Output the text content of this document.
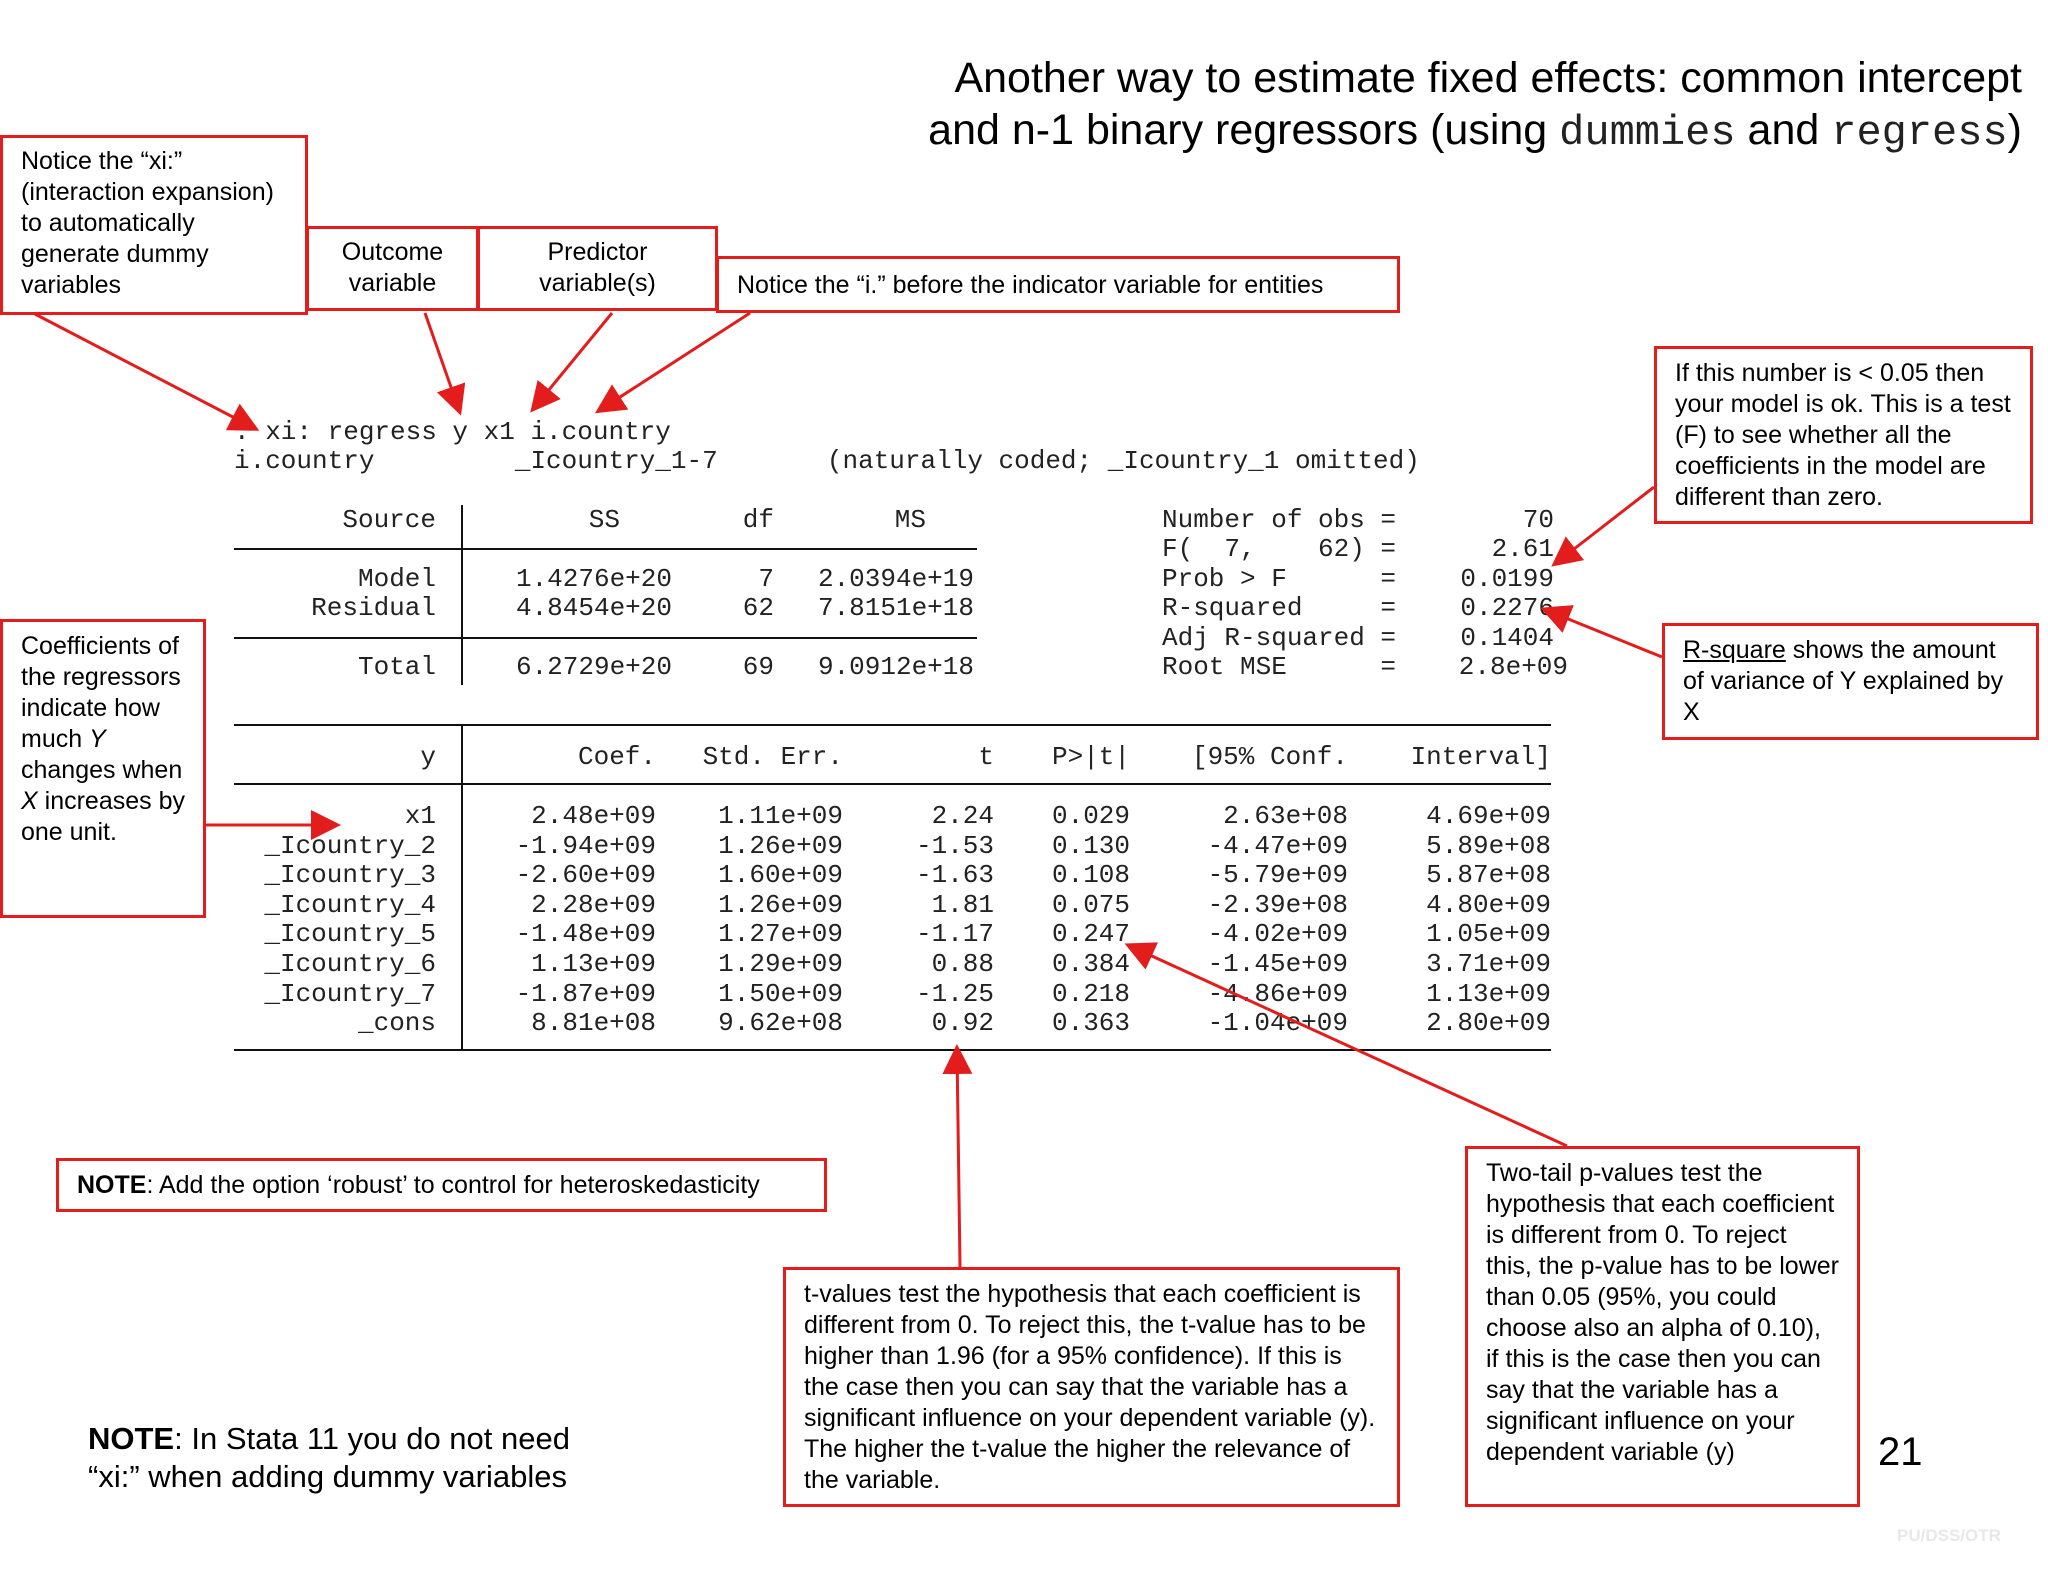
Another way to estimate fixed effects: common intercept
and n-1 binary regressors (using dummies and regress)
Notice the “xi:” (interaction expansion) to automatically generate dummy variables
Outcome variable
Predictor variable(s)	Notice the “i.” before the indicator variable for entities
If this number is < 0.05 then your model is ok. This is a test (F) to see whether all the coefficients in the model are different than zero.
R-square shows the amount of variance of Y explained by X
Coefficients of the regressors indicate how much Y changes when X increases by one unit.
NOTE: Add the option ‘robust’ to control for heteroskedasticity
t-values test the hypothesis that each coefficient is different from 0. To reject this, the t-value has to be higher than 1.96 (for a 95% confidence). If this is the case then you can say that the variable has a significant influence on your dependent variable (y). The higher the t-value the higher the relevance of the variable.
Two-tail p-values test the hypothesis that each coefficient is different from 0. To reject this, the p-value has to be lower than 0.05 (95%, you could choose also an alpha of 0.10), if this is the case then you can say that the variable has a significant influence on your dependent variable (y)
. xi: regress y x1 i.country
i.country         _Icountry_1-7       (naturally coded; _Icountry_1 omitted)
Source	SS	df	MS
Model	1.4276e+20	7	2.0394e+19
Residual	4.8454e+20	62	7.8151e+18
Total	6.2729e+20	69	9.0912e+18
Number of obs =	70
F(  7,    62) =	2.61
Prob > F      =	0.0199
R-squared     =	0.2276
Adj R-squared =	0.1404
Root MSE      =	2.8e+09
y	Coef.	Std. Err.	t	P>|t|	[95% Conf.	Interval]
x1	2.48e+09	1.11e+09	2.24	0.029	2.63e+08	4.69e+09
_Icountry_2	-1.94e+09	1.26e+09	-1.53	0.130	-4.47e+09	5.89e+08
_Icountry_3	-2.60e+09	1.60e+09	-1.63	0.108	-5.79e+09	5.87e+08
_Icountry_4	2.28e+09	1.26e+09	1.81	0.075	-2.39e+08	4.80e+09
_Icountry_5	-1.48e+09	1.27e+09	-1.17	0.247	-4.02e+09	1.05e+09
_Icountry_6	1.13e+09	1.29e+09	0.88	0.384	-1.45e+09	3.71e+09
_Icountry_7	-1.87e+09	1.50e+09	-1.25	0.218	-4.86e+09	1.13e+09
_cons	8.81e+08	9.62e+08	0.92	0.363	-1.04e+09	2.80e+09
NOTE: In Stata 11 you do not need
“xi:” when adding dummy variables
21
PU/DSS/OTR
